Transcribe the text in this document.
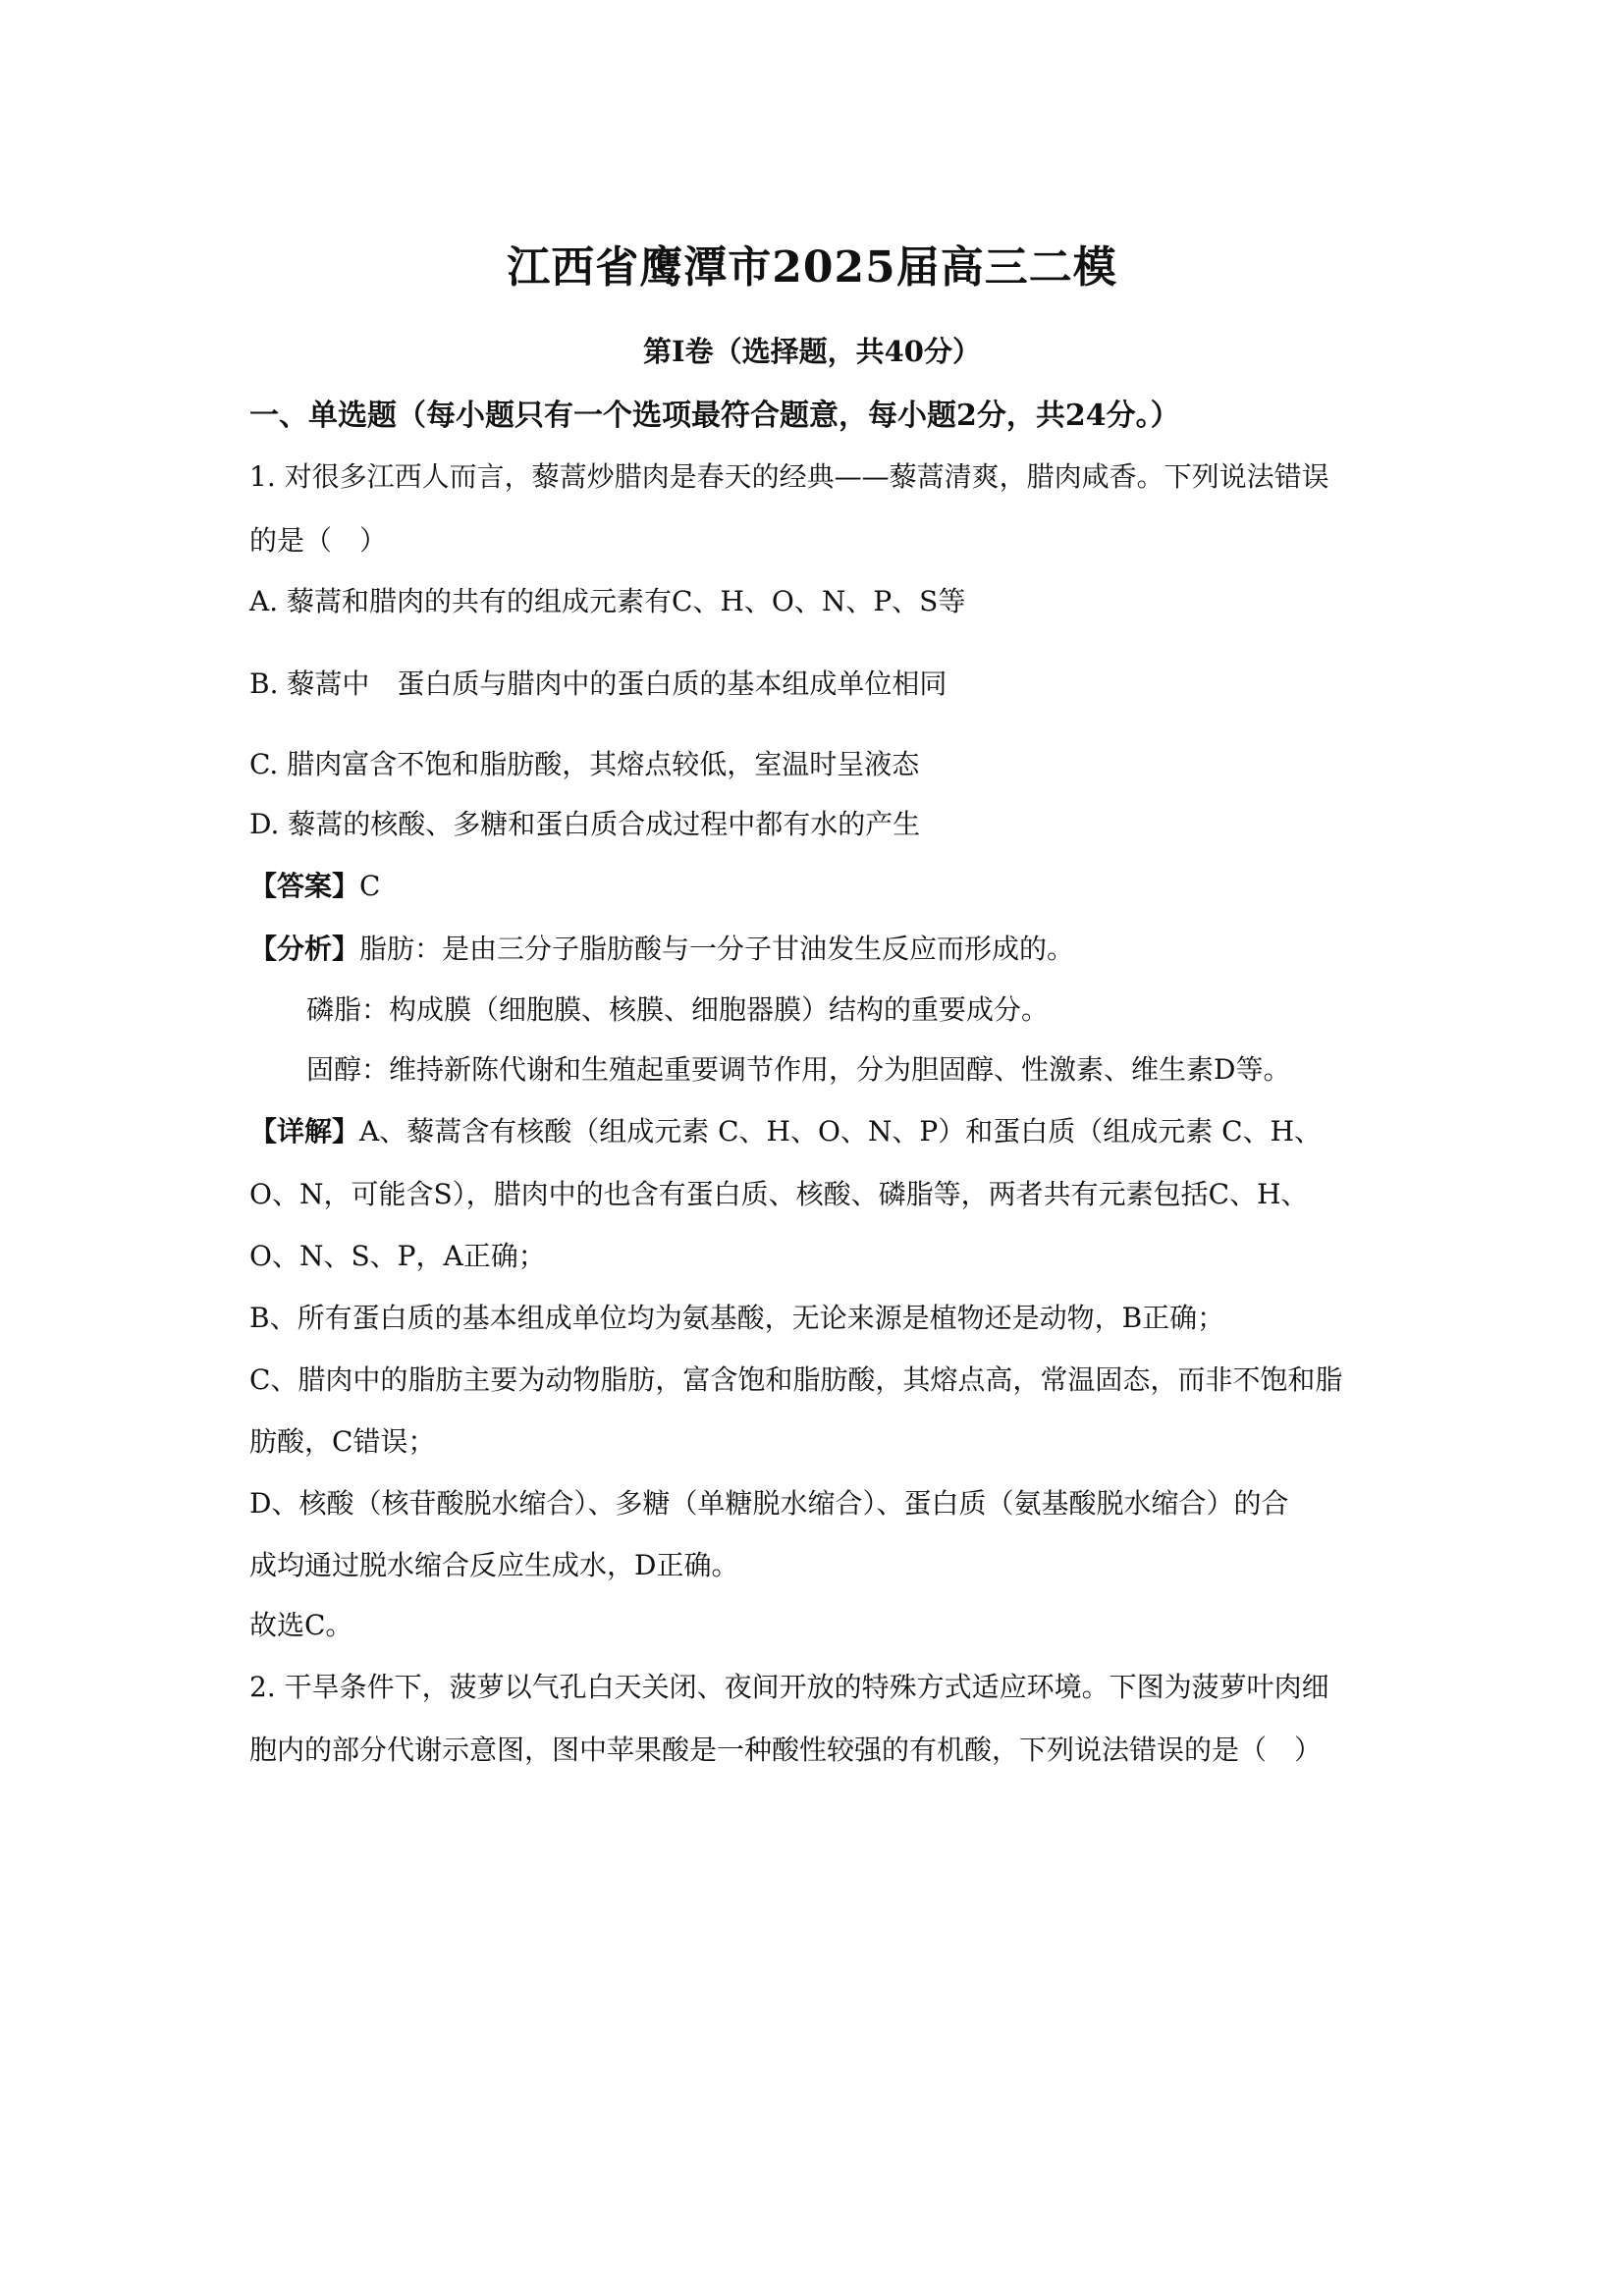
江西省鹰潭市2025届高三二模
第I卷（选择题，共40分）
一、单选题（每小题只有一个选项最符合题意，每小题2分，共24分。）
1. 对很多江西人而言，藜蒿炒腊肉是春天的经典——藜蒿清爽，腊肉咸香。下列说法错误
的是（　）
A. 藜蒿和腊肉的共有的组成元素有C、H、O、N、P、S等
B. 藜蒿中　蛋白质与腊肉中的蛋白质的基本组成单位相同
C. 腊肉富含不饱和脂肪酸，其熔点较低，室温时呈液态
D. 藜蒿的核酸、多糖和蛋白质合成过程中都有水的产生
【答案】C
【分析】脂肪：是由三分子脂肪酸与一分子甘油发生反应而形成的。
磷脂：构成膜（细胞膜、核膜、细胞器膜）结构的重要成分。
固醇：维持新陈代谢和生殖起重要调节作用，分为胆固醇、性激素、维生素D等。
【详解】A、藜蒿含有核酸（组成元素 C、H、O、N、P）和蛋白质（组成元素 C、H、
O、N，可能含S），腊肉中的也含有蛋白质、核酸、磷脂等，两者共有元素包括C、H、
O、N、S、P，A正确；
B、所有蛋白质的基本组成单位均为氨基酸，无论来源是植物还是动物，B正确；
C、腊肉中的脂肪主要为动物脂肪，富含饱和脂肪酸，其熔点高，常温固态，而非不饱和脂
肪酸，C错误；
D、核酸（核苷酸脱水缩合）、多糖（单糖脱水缩合）、蛋白质（氨基酸脱水缩合）的合
成均通过脱水缩合反应生成水，D正确。
故选C。
2. 干旱条件下，菠萝以气孔白天关闭、夜间开放的特殊方式适应环境。下图为菠萝叶肉细
胞内的部分代谢示意图，图中苹果酸是一种酸性较强的有机酸，下列说法错误的是（　）
